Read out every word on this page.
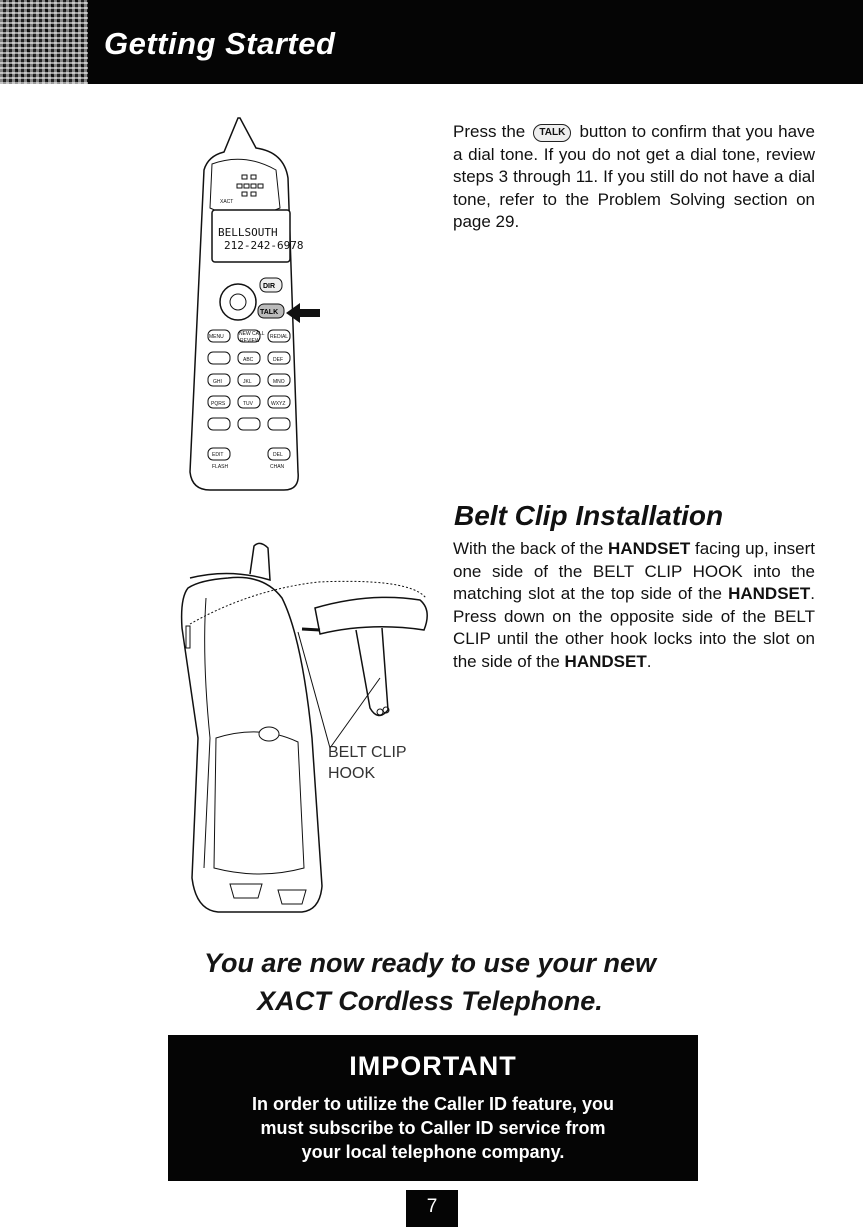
Getting Started
XACT
BELLSOUTH
212-242-6978
DIR
TALK
MENU	NEW CALL
REVIEW
REDIAL
ABC	DEF
GHI	JKL	MNO
PQRS	TUV	WXYZ
EDIT	DEL
FLASH	CHAN
Press the TALK button to confirm that you have a dial tone. If you do not get a dial tone, review steps 3 through 11. If you still do not have a dial tone, refer to the Problem Solving section on page 29.
Belt Clip Installation
With the back of the HANDSET facing up, insert one side of the BELT CLIP HOOK into the matching slot at the top side of the HANDSET. Press down on the opposite side of the BELT CLIP until the other hook locks into the slot on the side of the HANDSET.
BELT CLIP
HOOK
You are now ready to use your new
XACT Cordless Telephone.
IMPORTANT
In order to utilize the Caller ID feature, you
must subscribe to Caller ID service from
your local telephone company.
7
